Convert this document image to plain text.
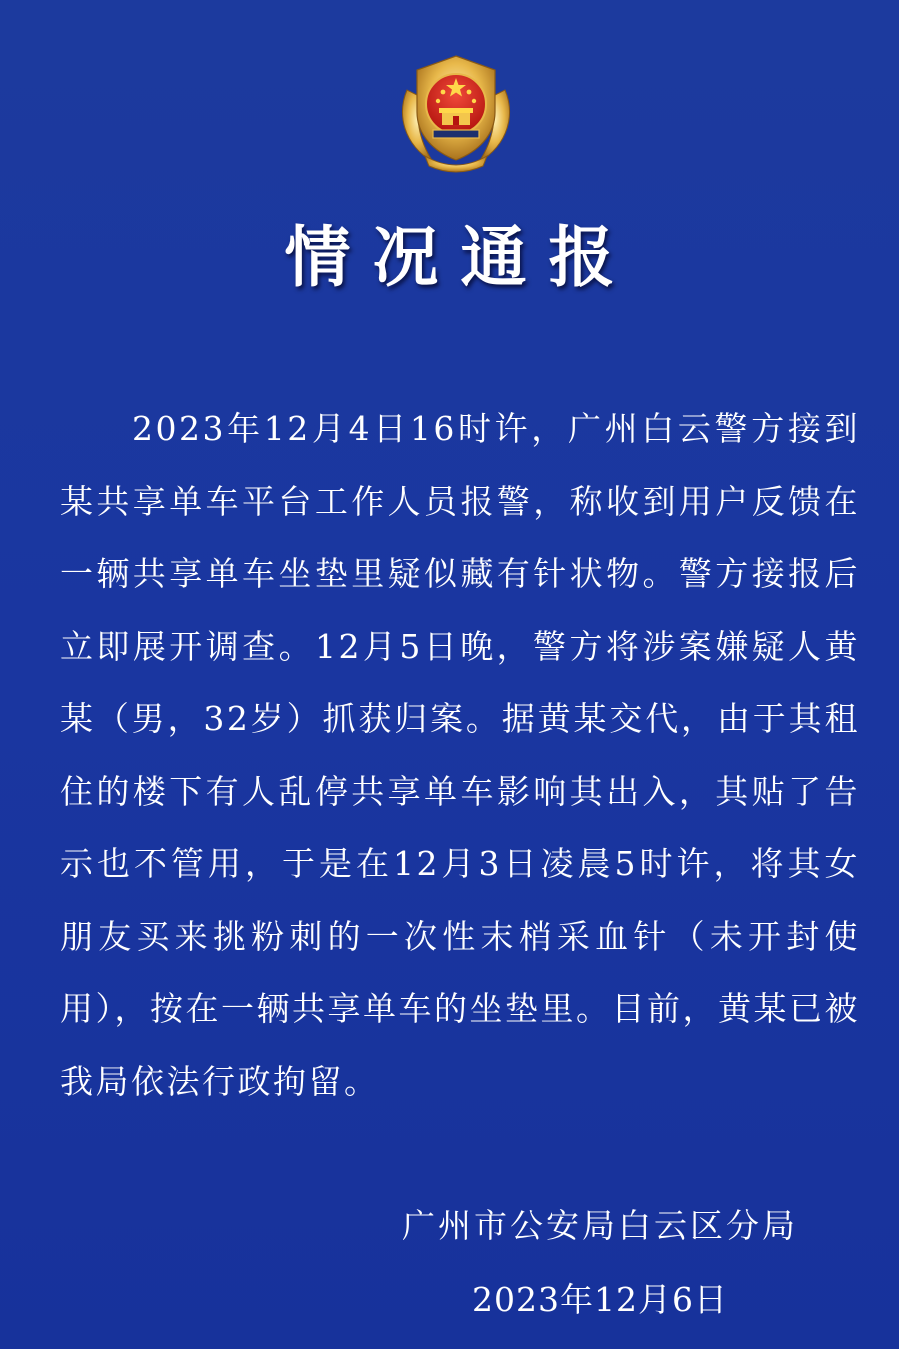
情况通报

2023年12月4日16时许，广州白云警方接到某共享单车平台工作人员报警，称收到用户反馈在一辆共享单车坐垫里疑似藏有针状物。警方接报后立即展开调查。12月5日晚，警方将涉案嫌疑人黄某（男，32岁）抓获归案。据黄某交代，由于其租住的楼下有人乱停共享单车影响其出入，其贴了告示也不管用，于是在12月3日凌晨5时许，将其女朋友买来挑粉刺的一次性末梢采血针（未开封使用），按在一辆共享单车的坐垫里。目前，黄某已被我局依法行政拘留。

广州市公安局白云区分局
2023年12月6日
